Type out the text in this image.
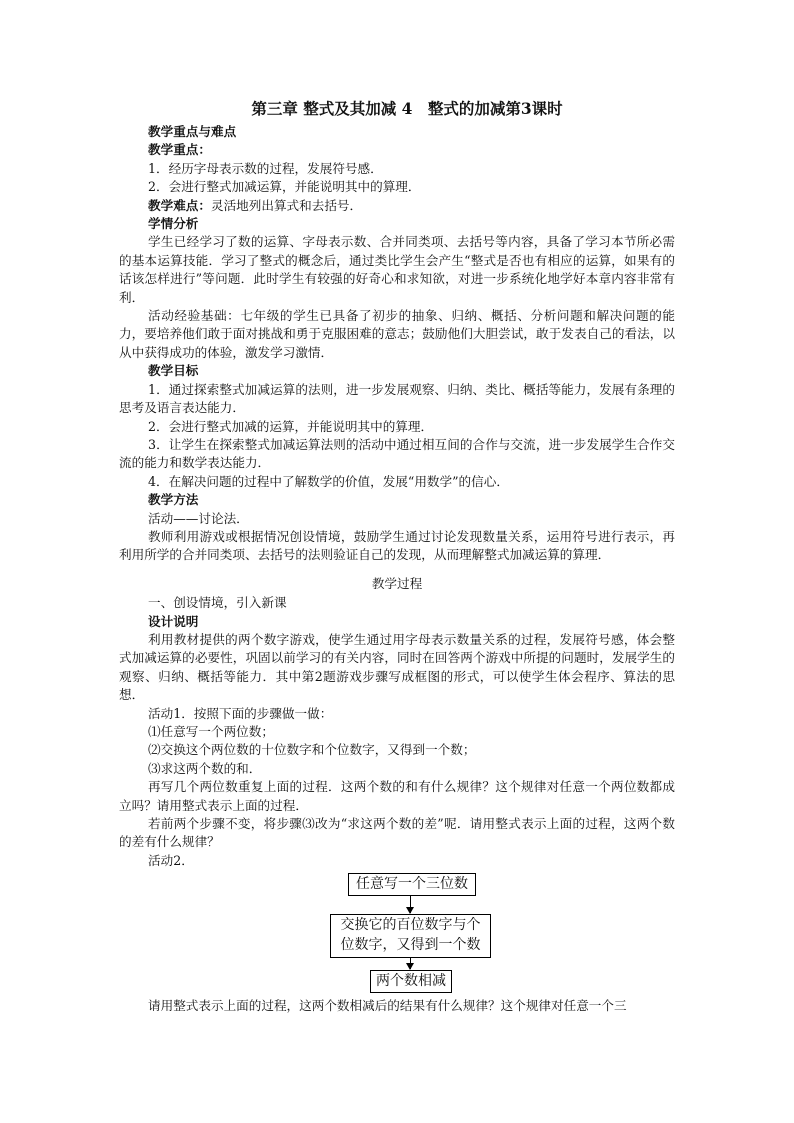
第三章 整式及其加减 4　整式的加减第3课时
教学重点与难点
教学重点：
1．经历字母表示数的过程，发展符号感．
2．会进行整式加减运算，并能说明其中的算理．
教学难点：灵活地列出算式和去括号．
学情分析
学生已经学习了数的运算、字母表示数、合并同类项、去括号等内容，具备了学习本节所必需的基本运算技能．学习了整式的概念后，通过类比学生会产生“整式是否也有相应的运算，如果有的话该怎样进行”等问题．此时学生有较强的好奇心和求知欲，对进一步系统化地学好本章内容非常有利．
活动经验基础：七年级的学生已具备了初步的抽象、归纳、概括、分析问题和解决问题的能力，要培养他们敢于面对挑战和勇于克服困难的意志；鼓励他们大胆尝试，敢于发表自己的看法，以从中获得成功的体验，激发学习激情．
教学目标
1．通过探索整式加减运算的法则，进一步发展观察、归纳、类比、概括等能力，发展有条理的思考及语言表达能力．
2．会进行整式加减的运算，并能说明其中的算理．
3．让学生在探索整式加减运算法则的活动中通过相互间的合作与交流，进一步发展学生合作交流的能力和数学表达能力．
4．在解决问题的过程中了解数学的价值，发展“用数学”的信心．
教学方法
活动——讨论法．
教师利用游戏或根据情况创设情境，鼓励学生通过讨论发现数量关系，运用符号进行表示，再利用所学的合并同类项、去括号的法则验证自己的发现，从而理解整式加减运算的算理．
教学过程
一、创设情境，引入新课
设计说明
利用教材提供的两个数字游戏，使学生通过用字母表示数量关系的过程，发展符号感，体会整式加减运算的必要性，巩固以前学习的有关内容，同时在回答两个游戏中所提的问题时，发展学生的观察、归纳、概括等能力．其中第2题游戏步骤写成框图的形式，可以使学生体会程序、算法的思想．
活动1．按照下面的步骤做一做：
⑴任意写一个两位数；
⑵交换这个两位数的十位数字和个位数字，又得到一个数；
⑶求这两个数的和．
再写几个两位数重复上面的过程．这两个数的和有什么规律？这个规律对任意一个两位数都成立吗？请用整式表示上面的过程．
若前两个步骤不变，将步骤⑶改为“求这两个数的差”呢．请用整式表示上面的过程，这两个数的差有什么规律？
活动2．
任意写一个三位数
交换它的百位数字与个
位数字，又得到一个数
两个数相减
请用整式表示上面的过程，这两个数相减后的结果有什么规律？这个规律对任意一个三
